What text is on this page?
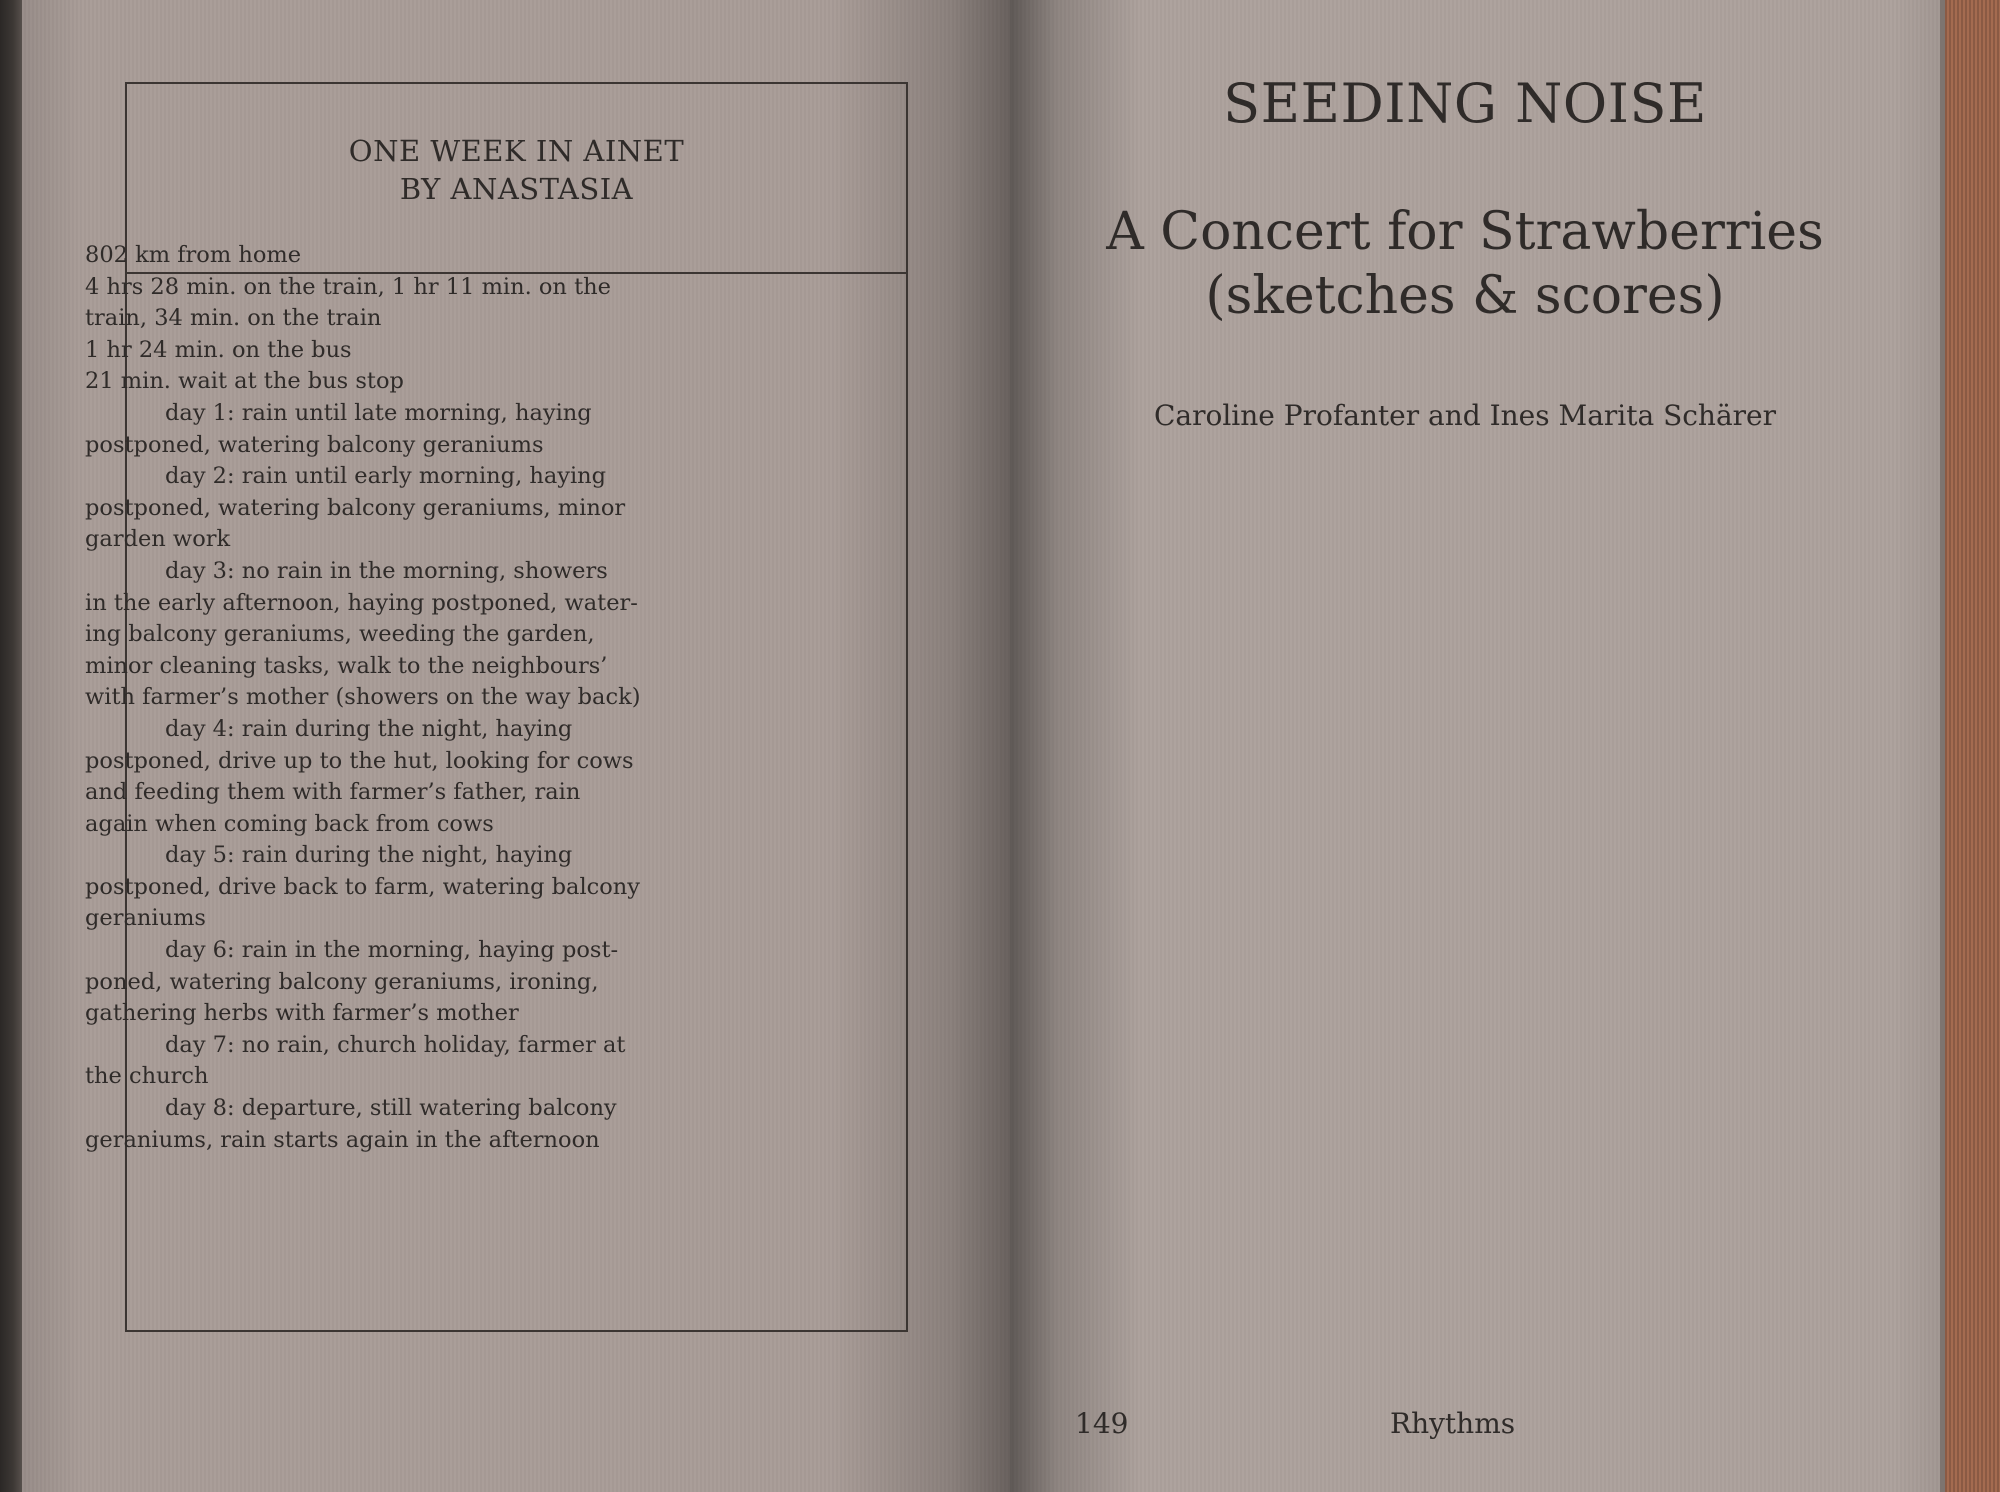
ONE WEEK IN AINET
BY ANASTASIA
802 km from home
4 hrs 28 min. on the train, 1 hr 11 min. on the
train, 34 min. on the train
1 hr 24 min. on the bus
21 min. wait at the bus stop
day 1: rain until late morning, haying
postponed, watering balcony geraniums
day 2: rain until early morning, haying
postponed, watering balcony geraniums, minor
garden work
day 3: no rain in the morning, showers
in the early afternoon, haying postponed, water-
ing balcony geraniums, weeding the garden,
minor cleaning tasks, walk to the neighbours’
with farmer’s mother (showers on the way back)
day 4: rain during the night, haying
postponed, drive up to the hut, looking for cows
and feeding them with farmer’s father, rain
again when coming back from cows
day 5: rain during the night, haying
postponed, drive back to farm, watering balcony
geraniums
day 6: rain in the morning, haying post-
poned, watering balcony geraniums, ironing,
gathering herbs with farmer’s mother
day 7: no rain, church holiday, farmer at
the church
day 8: departure, still watering balcony
geraniums, rain starts again in the afternoon
SEEDING NOISE
A Concert for Strawberries
(sketches & scores)
Caroline Profanter and Ines Marita Schärer
149	Rhythms
